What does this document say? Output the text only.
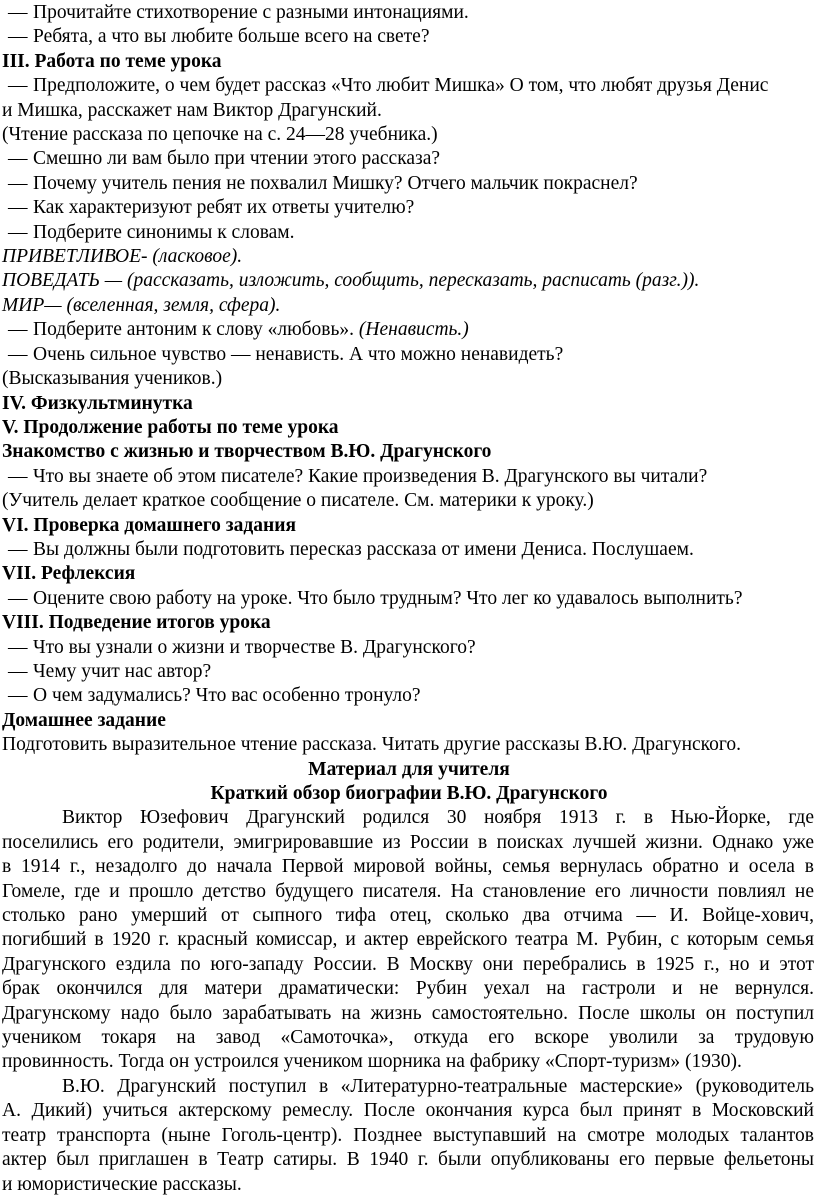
— Прочитайте стихотворение с разными интонациями.

— Ребята, а что вы любите больше всего на свете?

III. Работа по теме урока

— Предположите, о чем будет рассказ «Что любит Мишка» О том, что любят друзья Денис

и Мишка, расскажет нам Виктор Драгунский.

(Чтение рассказа по цепочке на с. 24—28 учебника.)

— Смешно ли вам было при чтении этого рассказа?

— Почему учитель пения не похвалил Мишку? Отчего мальчик покраснел?

— Как характеризуют ребят их ответы учителю?

— Подберите синонимы к словам.

ПРИВЕТЛИВОЕ- (ласковое).

ПОВЕДАТЬ — (рассказать, изложить, сообщить, пересказать, расписать (разг.)).

МИР— (вселенная, земля, сфера).

— Подберите антоним к слову «любовь». (Ненависть.)

— Очень сильное чувство — ненависть. А что можно ненавидеть?

(Высказывания учеников.)

IV. Физкультминутка

V. Продолжение работы по теме урока

Знакомство с жизнью и творчеством В.Ю. Драгунского

— Что вы знаете об этом писателе? Какие произведения В. Драгунского вы читали?

(Учитель делает краткое сообщение о писателе. См. материки к уроку.)

VI. Проверка домашнего задания

— Вы должны были подготовить пересказ рассказа от имени Дениса. Послушаем.

VII. Рефлексия

— Оцените свою работу на уроке. Что было трудным? Что лег ко удавалось выполнить?

VIII. Подведение итогов урока

— Что вы узнали о жизни и творчестве В. Драгунского?

— Чему учит нас автор?

— О чем задумались? Что вас особенно тронуло?

Домашнее задание

Подготовить выразительное чтение рассказа. Читать другие рассказы В.Ю. Драгунского.

Материал для учителя

Краткий обзор биографии В.Ю. Драгунского

Виктор Юзефович Драгунский родился 30 ноября 1913 г. в Нью-Йорке, где

поселились его родители, эмигрировавшие из России в поисках лучшей жизни. Однако уже

в 1914 г., незадолго до начала Первой мировой войны, семья вернулась обратно и осела в

Гомеле, где и прошло детство будущего писателя. На становление его личности повлиял не

столько рано умерший от сыпного тифа отец, сколько два отчима — И. Войце-хович,

погибший в 1920 г. красный комиссар, и актер еврейского театра М. Рубин, с которым семья

Драгунского ездила по юго-западу России. В Москву они перебрались в 1925 г., но и этот

брак окончился для матери драматически: Рубин уехал на гастроли и не вернулся.

Драгунскому надо было зарабатывать на жизнь самостоятельно. После школы он поступил

учеником токаря на завод «Самоточка», откуда его вскоре уволили за трудовую

провинность. Тогда он устроился учеником шорника на фабрику «Спорт-туризм» (1930).

В.Ю. Драгунский поступил в «Литературно-театральные мастерские» (руководитель

А. Дикий) учиться актерскому ремеслу. После окончания курса был принят в Московский

театр транспорта (ныне Гоголь-центр). Позднее выступавший на смотре молодых талантов

актер был приглашен в Театр сатиры. В 1940 г. были опубликованы его первые фельетоны

и юмористические рассказы.
